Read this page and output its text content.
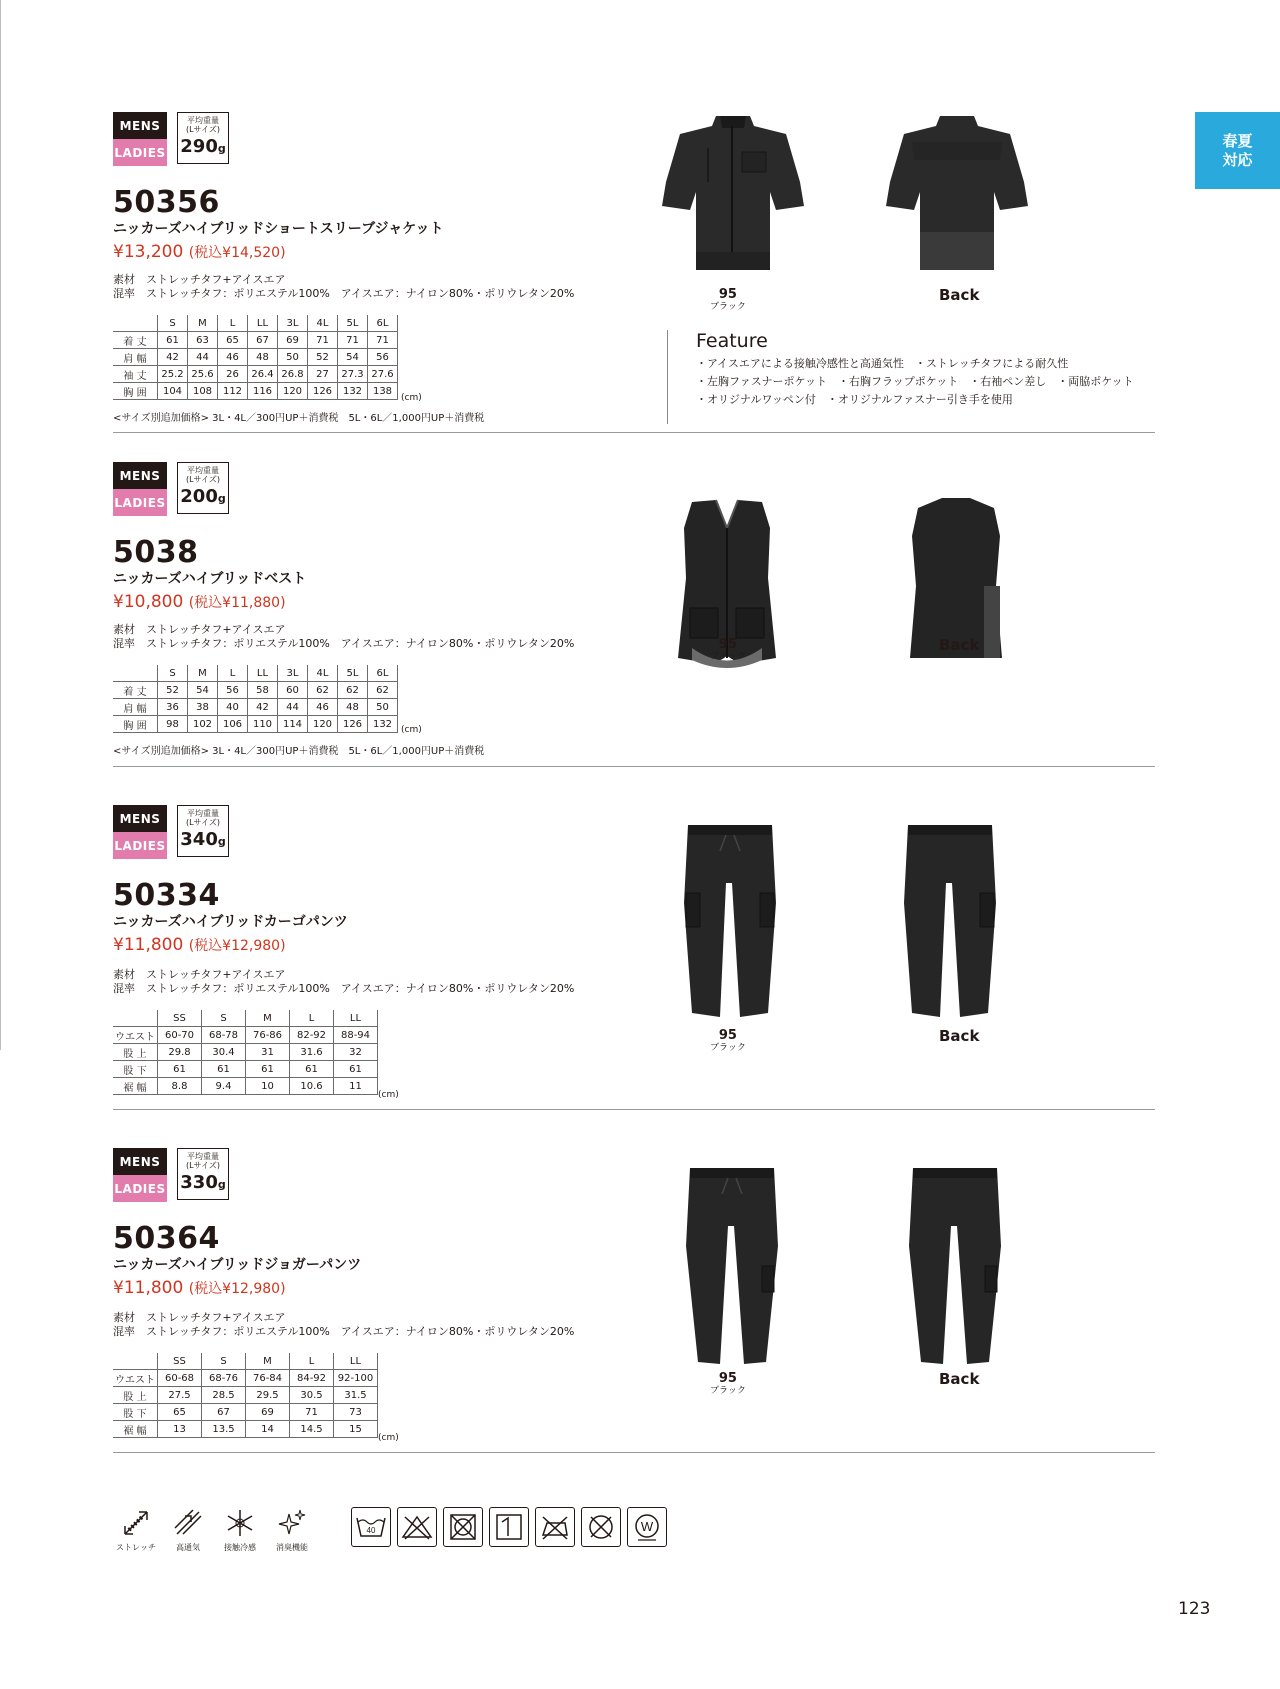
春夏
対応
MENS
LADIES
平均重量
(Lサイズ)
290g
50356
ニッカーズハイブリッドショートスリーブジャケット
¥13,200 (税込¥14,520)
素材　ストレッチタフ+アイスエア
混率　ストレッチタフ：ポリエステル100%　アイスエア：ナイロン80%・ポリウレタン20%
	S	M	L	LL	3L	4L	5L	6L
着 丈	61	63	65	67	69	71	71	71
肩 幅	42	44	46	48	50	52	54	56
袖 丈	25.2	25.6	26	26.4	26.8	27	27.3	27.6
胸 囲	104	108	112	116	120	126	132	138
(cm)
<サイズ別追加価格> 3L・4L／300円UP＋消費税　5L・6L／1,000円UP＋消費税
95
ブラック
Back
Feature
・アイスエアによる接触冷感性と高通気性　・ストレッチタフによる耐久性
・左胸ファスナーポケット　・右胸フラップポケット　・右袖ペン差し　・両脇ポケット
・オリジナルワッペン付　・オリジナルファスナー引き手を使用
MENS
LADIES
平均重量
(Lサイズ)
200g
5038
ニッカーズハイブリッドベスト
¥10,800 (税込¥11,880)
素材　ストレッチタフ+アイスエア
混率　ストレッチタフ：ポリエステル100%　アイスエア：ナイロン80%・ポリウレタン20%
	S	M	L	LL	3L	4L	5L	6L
着 丈	52	54	56	58	60	62	62	62
肩 幅	36	38	40	42	44	46	48	50
胸 囲	98	102	106	110	114	120	126	132
(cm)
<サイズ別追加価格> 3L・4L／300円UP＋消費税　5L・6L／1,000円UP＋消費税
95
ブラック
Back
MENS
LADIES
平均重量
(Lサイズ)
340g
50334
ニッカーズハイブリッドカーゴパンツ
¥11,800 (税込¥12,980)
素材　ストレッチタフ+アイスエア
混率　ストレッチタフ：ポリエステル100%　アイスエア：ナイロン80%・ポリウレタン20%
	SS	S	M	L	LL
ウエスト	60-70	68-78	76-86	82-92	88-94
股 上	29.8	30.4	31	31.6	32
股 下	61	61	61	61	61
裾 幅	8.8	9.4	10	10.6	11
(cm)
95
ブラック
Back
MENS
LADIES
平均重量
(Lサイズ)
330g
50364
ニッカーズハイブリッドジョガーパンツ
¥11,800 (税込¥12,980)
素材　ストレッチタフ+アイスエア
混率　ストレッチタフ：ポリエステル100%　アイスエア：ナイロン80%・ポリウレタン20%
	SS	S	M	L	LL
ウエスト	60-68	68-76	76-84	84-92	92-100
股 上	27.5	28.5	29.5	30.5	31.5
股 下	65	67	69	71	73
裾 幅	13	13.5	14	14.5	15
(cm)
95
ブラック
Back
ストレッチ	高通気	接触冷感	消臭機能
40	W
123
